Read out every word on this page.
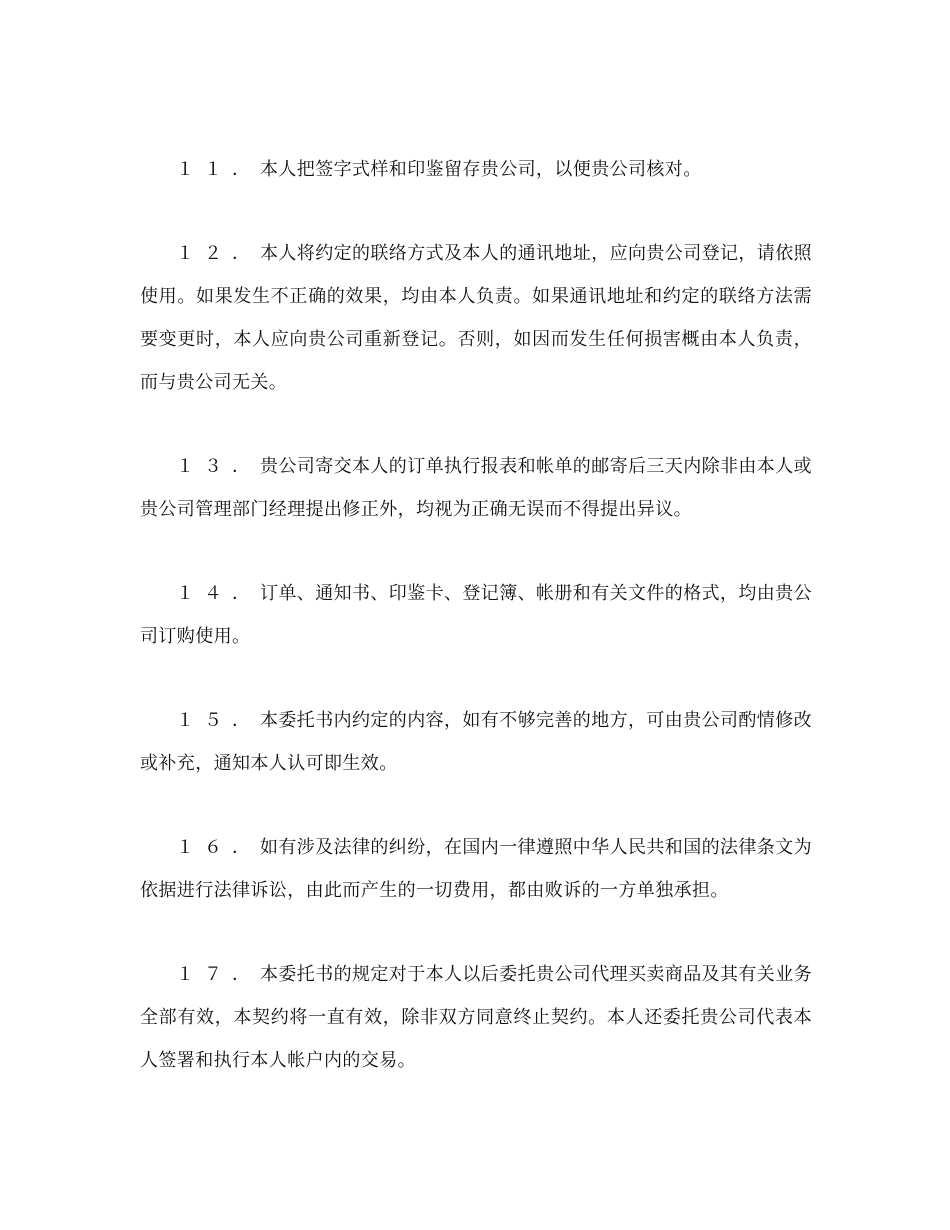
１１．本人把签字式样和印鉴留存贵公司，以便贵公司核对。

１２．本人将约定的联络方式及本人的通讯地址，应向贵公司登记，请依照使用。如果发生不正确的效果，均由本人负责。如果通讯地址和约定的联络方法需要变更时，本人应向贵公司重新登记。否则，如因而发生任何损害概由本人负责，而与贵公司无关。

１３．贵公司寄交本人的订单执行报表和帐单的邮寄后三天内除非由本人或贵公司管理部门经理提出修正外，均视为正确无误而不得提出异议。

１４．订单、通知书、印鉴卡、登记簿、帐册和有关文件的格式，均由贵公司订购使用。

１５．本委托书内约定的内容，如有不够完善的地方，可由贵公司酌情修改或补充，通知本人认可即生效。

１６．如有涉及法律的纠纷，在国内一律遵照中华人民共和国的法律条文为依据进行法律诉讼，由此而产生的一切费用，都由败诉的一方单独承担。

１７．本委托书的规定对于本人以后委托贵公司代理买卖商品及其有关业务全部有效，本契约将一直有效，除非双方同意终止契约。本人还委托贵公司代表本人签署和执行本人帐户内的交易。
